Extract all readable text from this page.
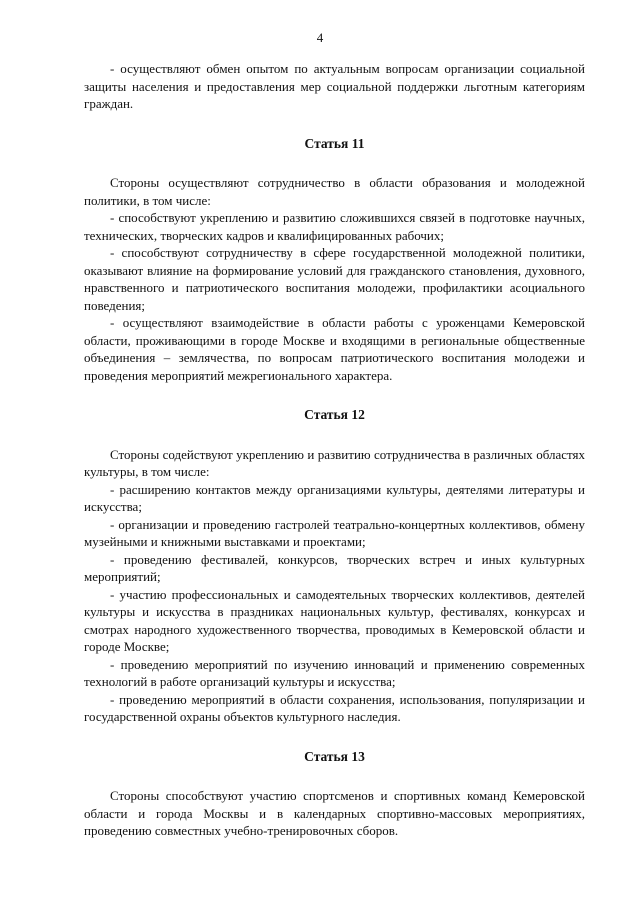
4

- осуществляют обмен опытом по актуальным вопросам организации социальной защиты населения и предоставления мер социальной поддержки льготным категориям граждан.

Статья 11

Стороны осуществляют сотрудничество в области образования и молодежной политики, в том числе:

- способствуют укреплению и развитию сложившихся связей в подготовке научных, технических, творческих кадров и квалифицированных рабочих;

- способствуют сотрудничеству в сфере государственной молодежной политики, оказывают влияние на формирование условий для гражданского становления, духовного, нравственного и патриотического воспитания молодежи, профилактики асоциального поведения;

- осуществляют взаимодействие в области работы с уроженцами Кемеровской области, проживающими в городе Москве и входящими в региональные общественные объединения – землячества, по вопросам патриотического воспитания молодежи и проведения мероприятий межрегионального характера.

Статья 12

Стороны содействуют укреплению и развитию сотрудничества в различных областях культуры, в том числе:

- расширению контактов между организациями культуры, деятелями литературы и искусства;

- организации и проведению гастролей театрально-концертных коллективов, обмену музейными и книжными выставками и проектами;

- проведению фестивалей, конкурсов, творческих встреч и иных культурных мероприятий;

- участию профессиональных и самодеятельных творческих коллективов, деятелей культуры и искусства в праздниках национальных культур, фестивалях, конкурсах и смотрах народного художественного творчества, проводимых в Кемеровской области и городе Москве;

- проведению мероприятий по изучению инноваций и применению современных технологий в работе организаций культуры и искусства;

- проведению мероприятий в области сохранения, использования, популяризации и государственной охраны объектов культурного наследия.

Статья 13

Стороны способствуют участию спортсменов и спортивных команд Кемеровской области и города Москвы и в календарных спортивно-массовых мероприятиях, проведению совместных учебно-тренировочных сборов.
